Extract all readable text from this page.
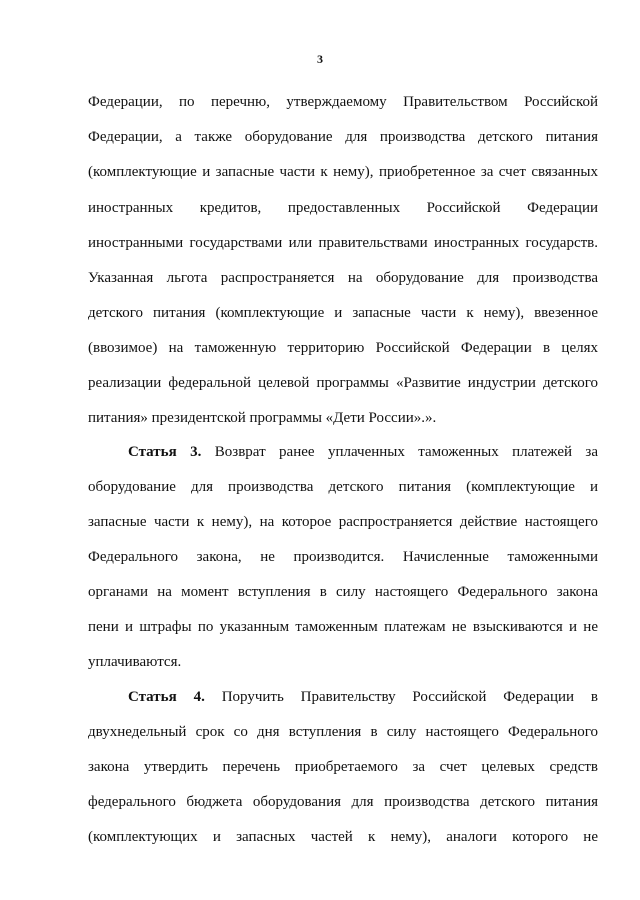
3
Федерации, по перечню, утверждаемому Правительством Российской
Федерации, а также оборудование для производства детского питания
(комплектующие и запасные части к нему), приобретенное за счет связанных
иностранных кредитов, предоставленных Российской Федерации
иностранными государствами или правительствами иностранных государств.
Указанная льгота распространяется на оборудование для производства
детского питания (комплектующие и запасные части к нему), ввезенное
(ввозимое) на таможенную территорию Российской Федерации в целях
реализации федеральной целевой программы «Развитие индустрии детского
питания» президентской программы «Дети России».».
Статья 3. Возврат ранее уплаченных таможенных платежей за
оборудование для производства детского питания (комплектующие и
запасные части к нему), на которое распространяется действие настоящего
Федерального закона, не производится. Начисленные таможенными
органами на момент вступления в силу настоящего Федерального закона
пени и штрафы по указанным таможенным платежам не взыскиваются и не
уплачиваются.
Статья 4. Поручить Правительству Российской Федерации в
двухнедельный срок со дня вступления в силу настоящего Федерального
закона утвердить перечень приобретаемого за счет целевых средств
федерального бюджета оборудования для производства детского питания
(комплектующих и запасных частей к нему), аналоги которого не
